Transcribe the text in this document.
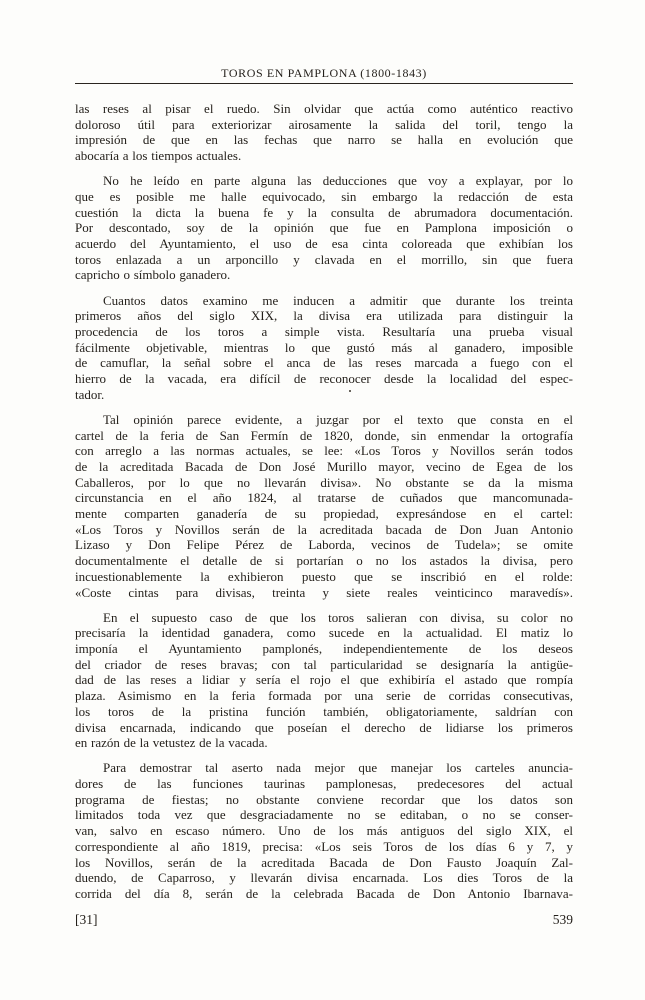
TOROS EN PAMPLONA (1800-1843)
las reses al pisar el ruedo. Sin olvidar que actúa como auténtico reactivo
doloroso útil para exteriorizar airosamente la salida del toril, tengo la
impresión de que en las fechas que narro se halla en evolución que
abocaría a los tiempos actuales.
No he leído en parte alguna las deducciones que voy a explayar, por lo
que es posible me halle equivocado, sin embargo la redacción de esta
cuestión la dicta la buena fe y la consulta de abrumadora documentación.
Por descontado, soy de la opinión que fue en Pamplona imposición o
acuerdo del Ayuntamiento, el uso de esa cinta coloreada que exhibían los
toros enlazada a un arponcillo y clavada en el morrillo, sin que fuera
capricho o símbolo ganadero.
Cuantos datos examino me inducen a admitir que durante los treinta
primeros años del siglo XIX, la divisa era utilizada para distinguir la
procedencia de los toros a simple vista. Resultaría una prueba visual
fácilmente objetivable, mientras lo que gustó más al ganadero, imposible
de camuflar, la señal sobre el anca de las reses marcada a fuego con el
hierro de la vacada, era difícil de reconocer desde la localidad del espec-
tador.
Tal opinión parece evidente, a juzgar por el texto que consta en el
cartel de la feria de San Fermín de 1820, donde, sin enmendar la ortografía
con arreglo a las normas actuales, se lee: «Los Toros y Novillos serán todos
de la acreditada Bacada de Don José Murillo mayor, vecino de Egea de los
Caballeros, por lo que no llevarán divisa». No obstante se da la misma
circunstancia en el año 1824, al tratarse de cuñados que mancomunada-
mente comparten ganadería de su propiedad, expresándose en el cartel:
«Los Toros y Novillos serán de la acreditada bacada de Don Juan Antonio
Lizaso y Don Felipe Pérez de Laborda, vecinos de Tudela»; se omite
documentalmente el detalle de si portarían o no los astados la divisa, pero
incuestionablemente la exhibieron puesto que se inscribió en el rolde:
«Coste cintas para divisas, treinta y siete reales veinticinco maravedís».
En el supuesto caso de que los toros salieran con divisa, su color no
precisaría la identidad ganadera, como sucede en la actualidad. El matiz lo
imponía el Ayuntamiento pamplonés, independientemente de los deseos
del criador de reses bravas; con tal particularidad se designaría la antigüe-
dad de las reses a lidiar y sería el rojo el que exhibiría el astado que rompía
plaza. Asimismo en la feria formada por una serie de corridas consecutivas,
los toros de la pristina función también, obligatoriamente, saldrían con
divisa encarnada, indicando que poseían el derecho de lidiarse los primeros
en razón de la vetustez de la vacada.
Para demostrar tal aserto nada mejor que manejar los carteles anuncia-
dores de las funciones taurinas pamplonesas, predecesores del actual
programa de fiestas; no obstante conviene recordar que los datos son
limitados toda vez que desgraciadamente no se editaban, o no se conser-
van, salvo en escaso número. Uno de los más antiguos del siglo XIX, el
correspondiente al año 1819, precisa: «Los seis Toros de los días 6 y 7, y
los Novillos, serán de la acreditada Bacada de Don Fausto Joaquín Zal-
duendo, de Caparroso, y llevarán divisa encarnada. Los dies Toros de la
corrida del día 8, serán de la celebrada Bacada de Don Antonio Ibarnava-
[31]	539
